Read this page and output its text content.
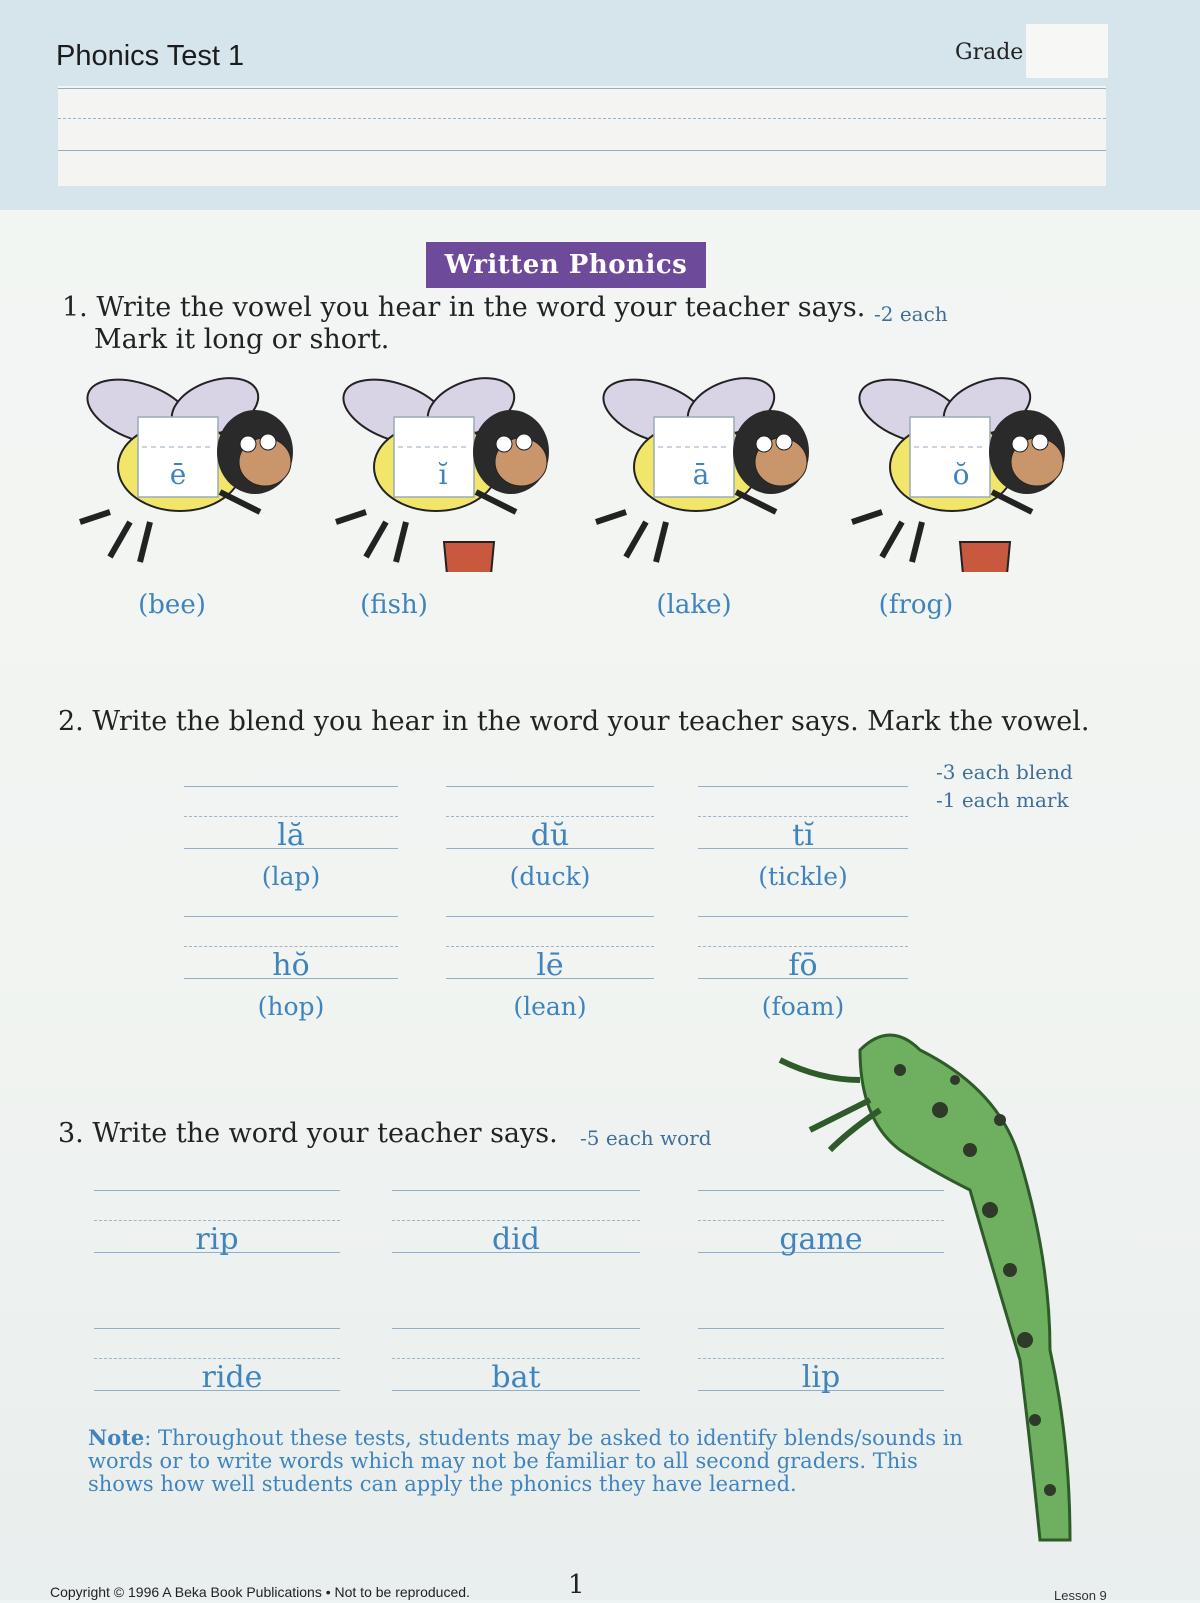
Phonics Test 1	Grade
Written Phonics
1. Write the vowel you hear in the word your teacher says.
Mark it long or short.
-2 each
ē	ĭ	ā	ŏ
(bee)	(fish)	(lake)	(frog)
2. Write the blend you hear in the word your teacher says. Mark the vowel.
-3 each blend
-1 each mark
lă	dŭ	tĭ
(lap)	(duck)	(tickle)
hŏ	lē	fō
(hop)	(lean)	(foam)
3. Write the word your teacher says. -5 each word
rip	did	game
ride	bat	lip
Note: Throughout these tests, students may be asked to identify blends/sounds in words or to write words which may not be familiar to all second graders. This shows how well students can apply the phonics they have learned.
Copyright © 1996 A Beka Book Publications • Not to be reproduced.	1	Lesson 9
